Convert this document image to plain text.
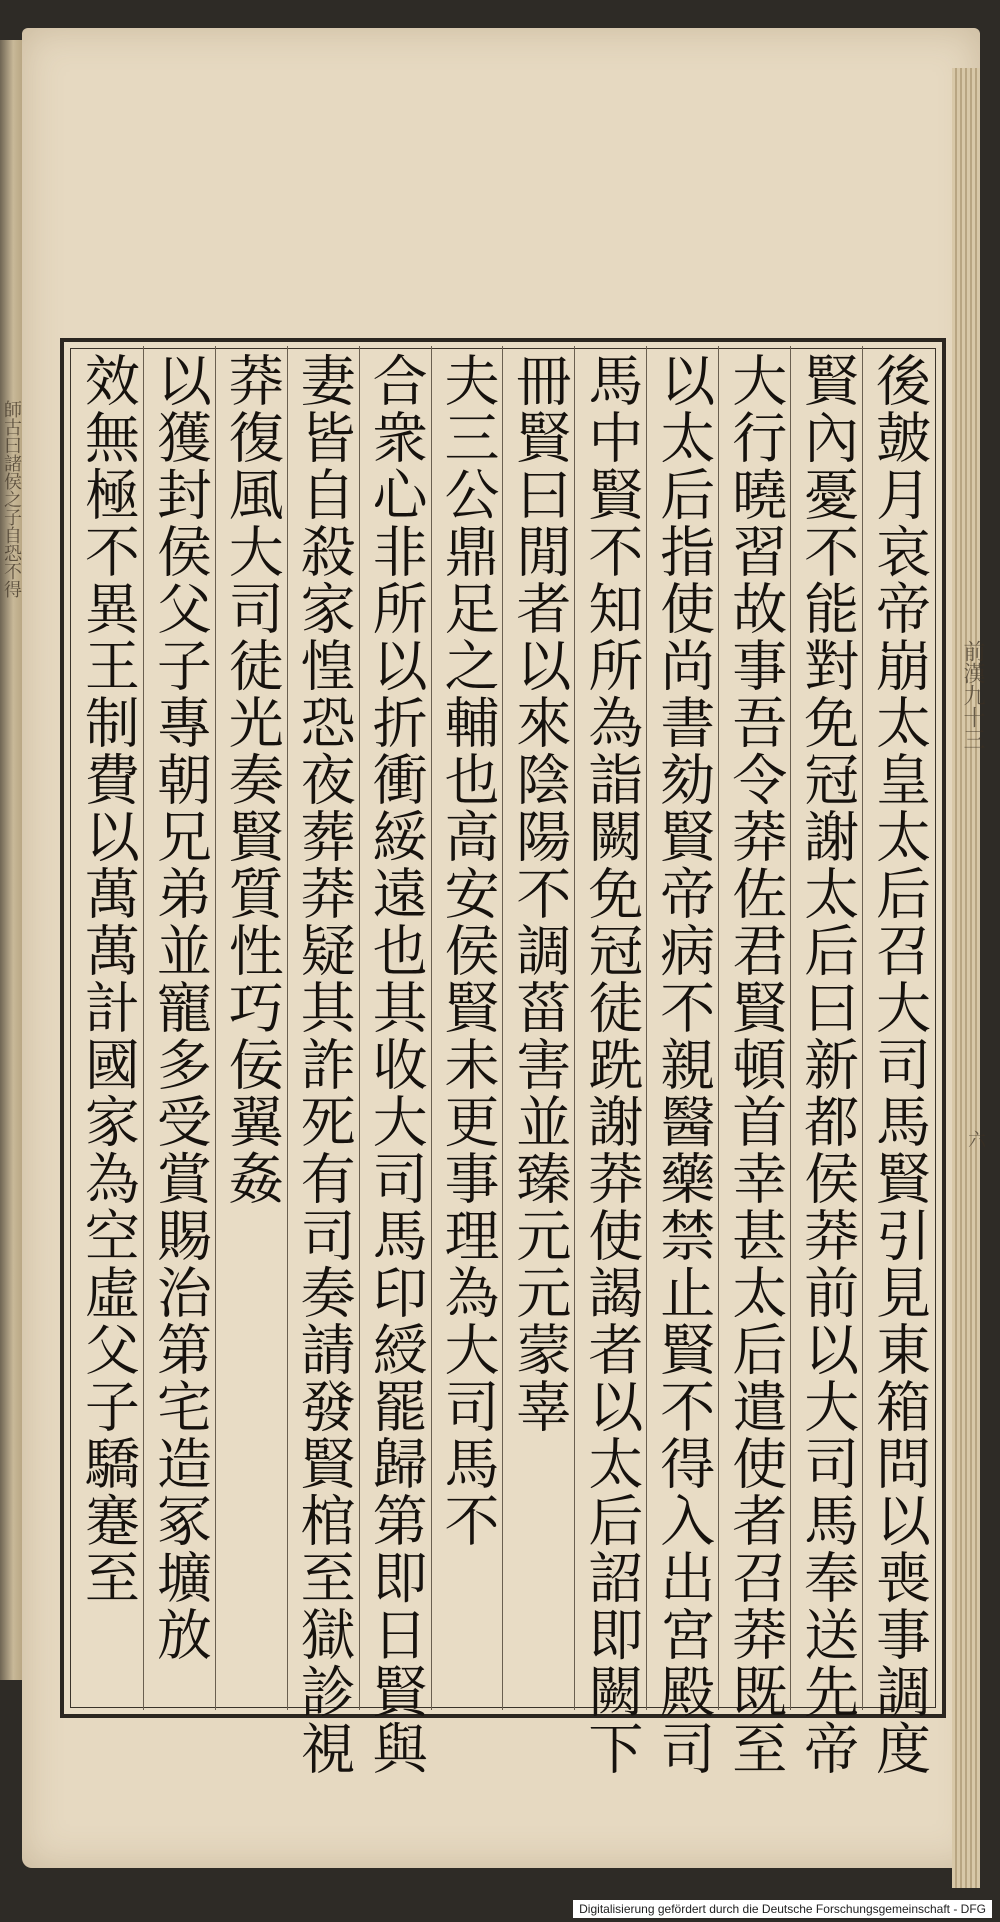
師古曰諸侯之子自恐不得	後皷月哀帝崩太皇太后召大司馬賢引見東箱問以喪事調度
賢內憂不能對免冠謝太后曰新都侯莽前以大司馬奉送先帝
大行曉習故事吾令莽佐君賢頓首幸甚太后遣使者召莽既至
以太后指使尚書劾賢帝病不親醫藥禁止賢不得入出宮殿司
馬中賢不知所為詣闕免冠徒跣謝莽使謁者以太后詔即闕下
冊賢曰閒者以來陰陽不調菑害並臻元元蒙辜
夫三公鼎足之輔也高安侯賢未更事理為大司馬不
合衆心非所以折衝綏遠也其收大司馬印綬罷歸第即日賢與
妻皆自殺家惶恐夜葬莽疑其詐死有司奏請發賢棺至獄診視
莽復風大司徒光奏賢質性巧佞翼姦
以獲封侯父子專朝兄弟並寵多受賞賜治第宅造冢壙放
效無極不異王制費以萬萬計國家為空虛父子驕蹇至	前漢九十三
六
Digitalisierung gefördert durch die Deutsche Forschungsgemeinschaft - DFG
